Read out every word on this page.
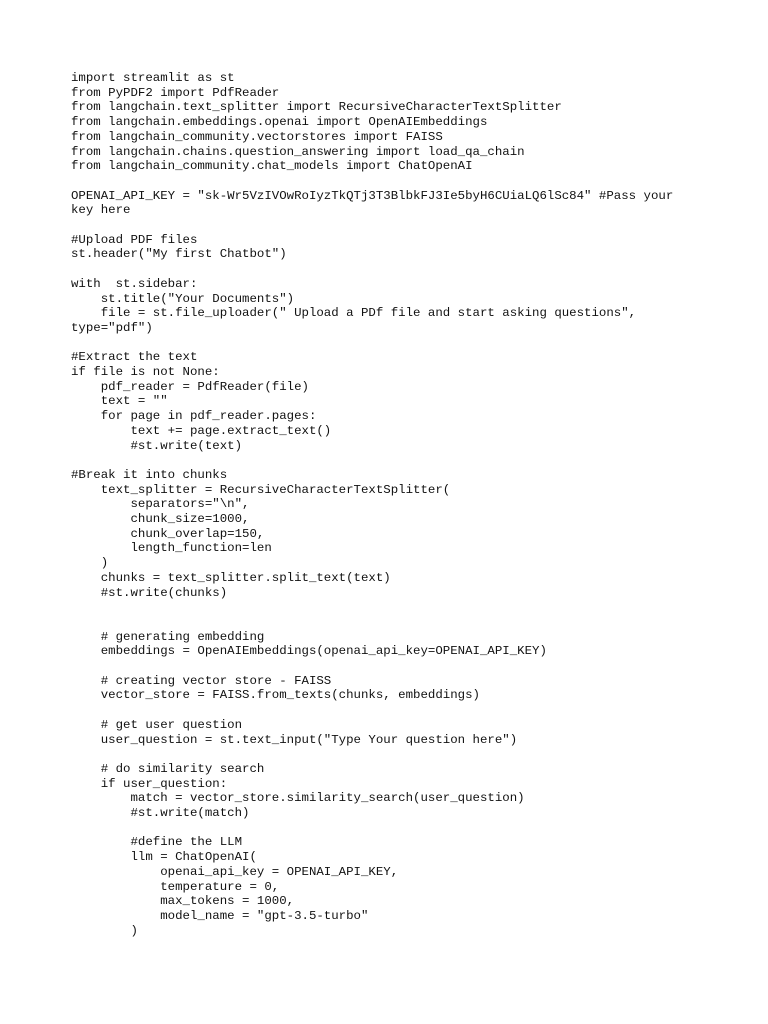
import streamlit as st
from PyPDF2 import PdfReader
from langchain.text_splitter import RecursiveCharacterTextSplitter
from langchain.embeddings.openai import OpenAIEmbeddings
from langchain_community.vectorstores import FAISS
from langchain.chains.question_answering import load_qa_chain
from langchain_community.chat_models import ChatOpenAI
OPENAI_API_KEY = "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" #Pass your
key here
#Upload PDF files
st.header("My first Chatbot")
with  st.sidebar:
st.title("Your Documents")
file = st.file_uploader(" Upload a PDf file and start asking questions",
type="pdf")
#Extract the text
if file is not None:
pdf_reader = PdfReader(file)
text = ""
for page in pdf_reader.pages:
text += page.extract_text()
#st.write(text)
#Break it into chunks
text_splitter = RecursiveCharacterTextSplitter(
separators="\n",
chunk_size=1000,
chunk_overlap=150,
length_function=len
)
chunks = text_splitter.split_text(text)
#st.write(chunks)
# generating embedding
embeddings = OpenAIEmbeddings(openai_api_key=OPENAI_API_KEY)
# creating vector store - FAISS
vector_store = FAISS.from_texts(chunks, embeddings)
# get user question
user_question = st.text_input("Type Your question here")
# do similarity search
if user_question:
match = vector_store.similarity_search(user_question)
#st.write(match)
#define the LLM
llm = ChatOpenAI(
openai_api_key = OPENAI_API_KEY,
temperature = 0,
max_tokens = 1000,
model_name = "gpt-3.5-turbo"
)
